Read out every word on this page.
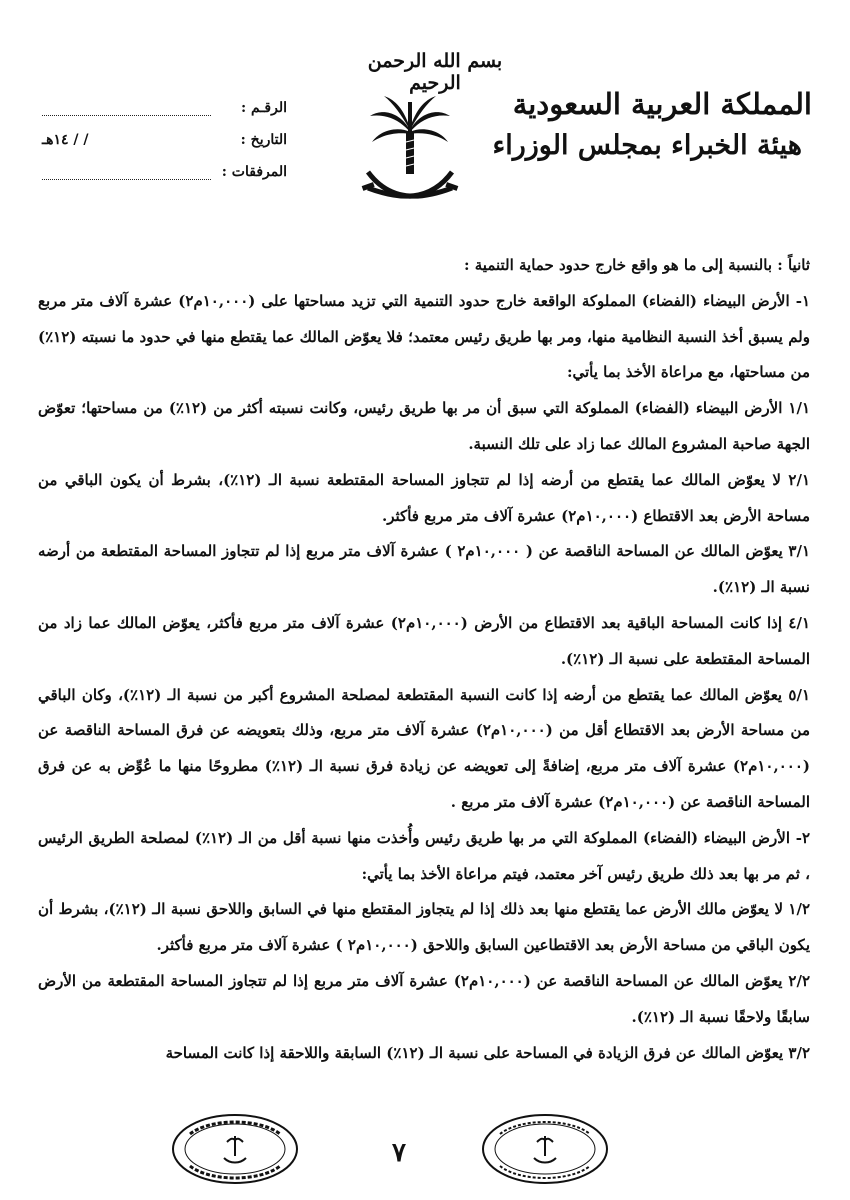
بسم الله الرحمن الرحيم
المملكة العربية السعودية
هيئة الخبراء بمجلس الوزراء
الرقـم :
التاريخ :
/ / ١٤هـ
المرفقات :

ثانياً : بالنسبة إلى ما هو واقع خارج حدود حماية التنمية :

١- الأرض البيضاء (الفضاء) المملوكة الواقعة خارج حدود التنمية التي تزيد مساحتها على (١٠,٠٠٠م٢) عشرة آلاف متر مربع ولم يسبق أخذ النسبة النظامية منها، ومر بها طريق رئيس معتمد؛ فلا يعوّض المالك عما يقتطع منها في حدود ما نسبته (١٢٪) من مساحتها، مع مراعاة الأخذ بما يأتي:

١/١ الأرض البيضاء (الفضاء) المملوكة التي سبق أن مر بها طريق رئيس، وكانت نسبته أكثر من (١٢٪) من مساحتها؛ تعوّض الجهة صاحبة المشروع المالك عما زاد على تلك النسبة.

٢/١ لا يعوّض المالك عما يقتطع من أرضه إذا لم تتجاوز المساحة المقتطعة نسبة الـ (١٢٪)، بشرط أن يكون الباقي من مساحة الأرض بعد الاقتطاع (١٠,٠٠٠م٢) عشرة آلاف متر مربع فأكثر.

٣/١ يعوّض المالك عن المساحة الناقصة عن ( ١٠,٠٠٠م٢ ) عشرة آلاف متر مربع إذا لم تتجاوز المساحة المقتطعة من أرضه نسبة الـ (١٢٪).

٤/١ إذا كانت المساحة الباقية بعد الاقتطاع من الأرض (١٠,٠٠٠م٢) عشرة آلاف متر مربع فأكثر، يعوّض المالك عما زاد من المساحة المقتطعة على نسبة الـ (١٢٪).

٥/١ يعوّض المالك عما يقتطع من أرضه إذا كانت النسبة المقتطعة لمصلحة المشروع أكبر من نسبة الـ (١٢٪)، وكان الباقي من مساحة الأرض بعد الاقتطاع أقل من (١٠,٠٠٠م٢) عشرة آلاف متر مربع، وذلك بتعويضه عن فرق المساحة الناقصة عن (١٠,٠٠٠م٢) عشرة آلاف متر مربع، إضافةً إلى تعويضه عن زيادة فرق نسبة الـ (١٢٪) مطروحًا منها ما عُوِّض به عن فرق المساحة الناقصة عن (١٠,٠٠٠م٢) عشرة آلاف متر مربع .

٢- الأرض البيضاء (الفضاء) المملوكة التي مر بها طريق رئيس وأُخذت منها نسبة أقل من الـ (١٢٪) لمصلحة الطريق الرئيس ، ثم مر بها بعد ذلك طريق رئيس آخر معتمد، فيتم مراعاة الأخذ بما يأتي:

١/٢ لا يعوّض مالك الأرض عما يقتطع منها بعد ذلك إذا لم يتجاوز المقتطع منها في السابق واللاحق نسبة الـ (١٢٪)، بشرط أن يكون الباقي من مساحة الأرض بعد الاقتطاعين السابق واللاحق (١٠,٠٠٠م٢ ) عشرة آلاف متر مربع فأكثر.

٢/٢ يعوّض المالك عن المساحة الناقصة عن (١٠,٠٠٠م٢) عشرة آلاف متر مربع إذا لم تتجاوز المساحة المقتطعة من الأرض سابقًا ولاحقًا نسبة الـ (١٢٪).

٣/٢ يعوّض المالك عن فرق الزيادة في المساحة على نسبة الـ (١٢٪) السابقة واللاحقة إذا كانت المساحة

٧
